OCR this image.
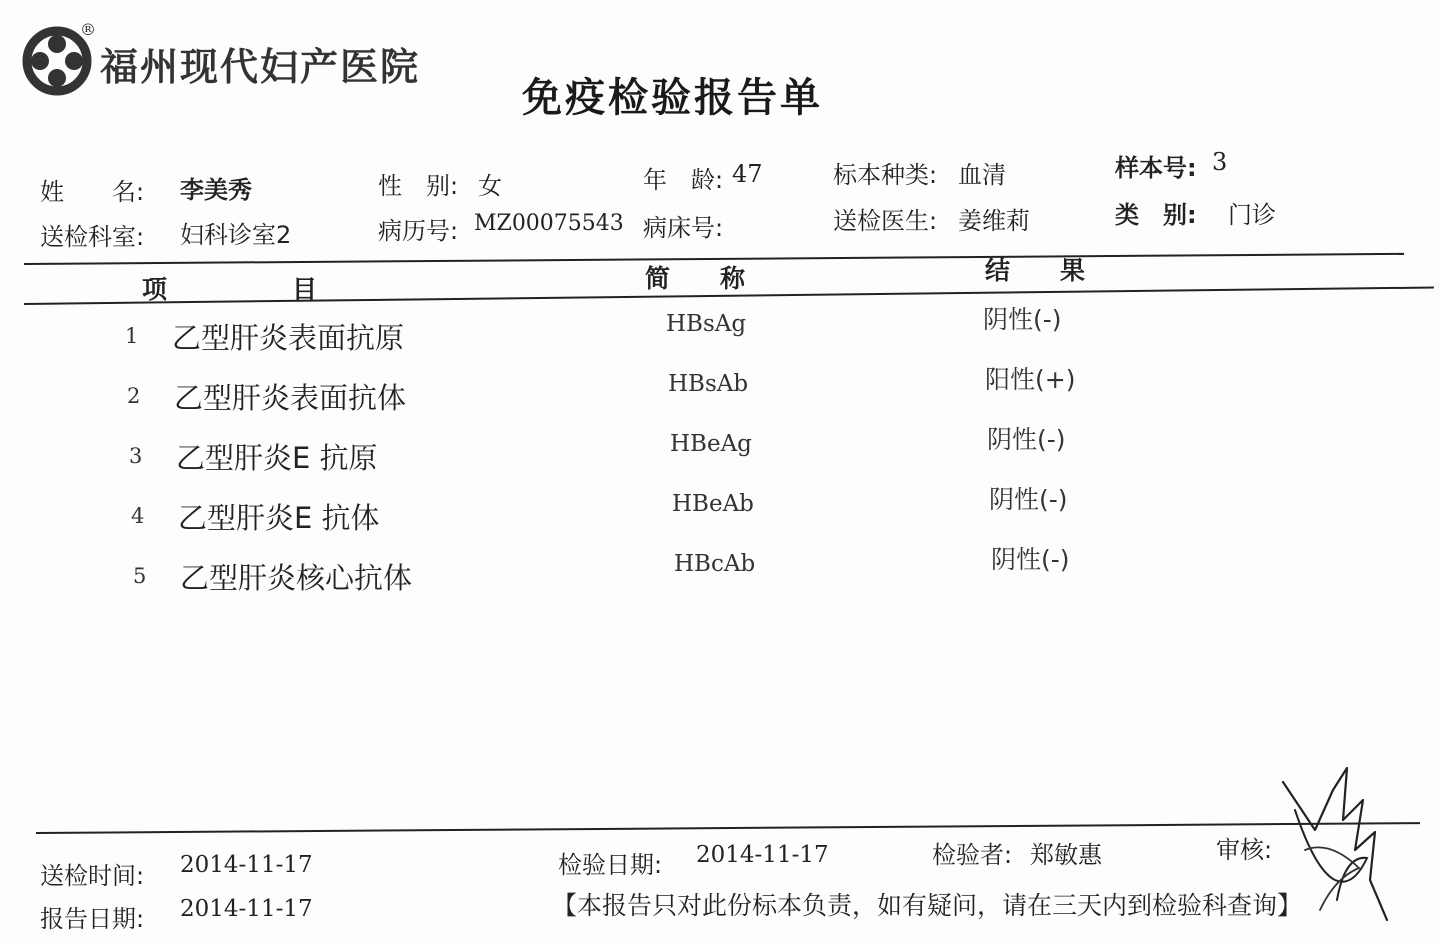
®
福州现代妇产医院
免疫检验报告单
姓　　名: 李美秀	性　别: 女	年　龄: 47	标本种类: 血清	样本号: 3
送检科室: 妇科诊室2	病历号: MZ00075543 病床号:	送检医生: 姜维莉	类　别: 门诊
项　　　　　目	简　　称	结　　果
1 乙型肝炎表面抗原	HBsAg	阴性(-)
2 乙型肝炎表面抗体	HBsAb	阳性(+)
3 乙型肝炎E 抗原	HBeAg	阴性(-)
4 乙型肝炎E 抗体	HBeAb	阴性(-)
5 乙型肝炎核心抗体	HBcAb	阴性(-)
送检时间: 2014-11-17	检验日期: 2014-11-17	检验者: 郑敏惠	审核:
报告日期: 2014-11-17	【本报告只对此份标本负责，如有疑问，请在三天内到检验科查询】
